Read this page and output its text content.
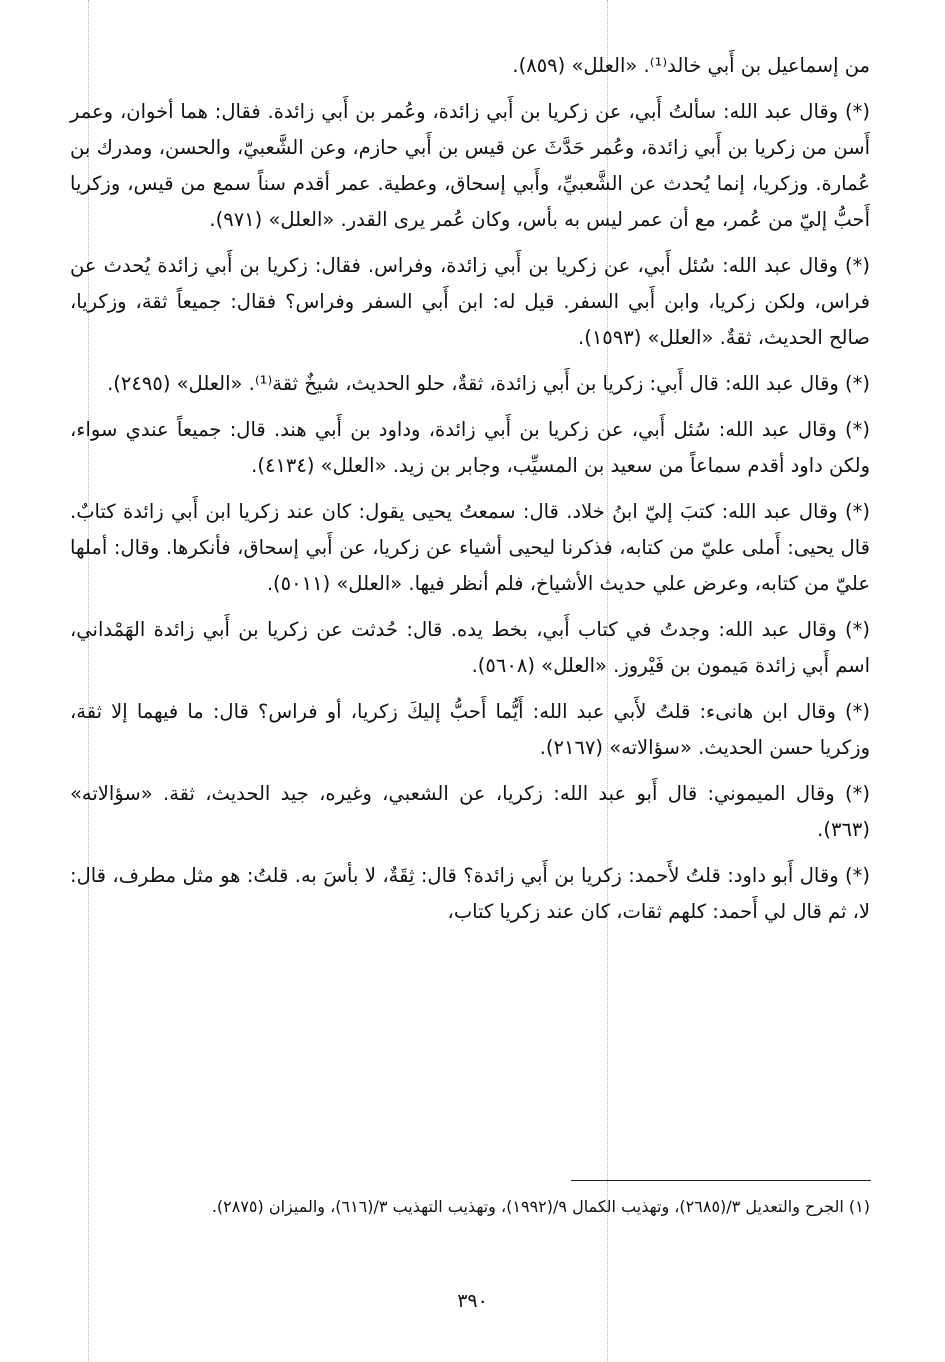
من إسماعيل بن أَبي خالد⁽¹⁾. «العلل» (٨٥٩).

(*) وقال عبد الله: سألتُ أَبي، عن زكريا بن أَبي زائدة، وعُمر بن أَبي زائدة. فقال: هما أخوان، وعمر أَسن من زكريا بن أَبي زائدة، وعُمر حَدَّثَ عن قيس بن أَبي حازم، وعن الشَّعبيّ، والحسن، ومدرك بن عُمارة. وزكريا، إنما يُحدث عن الشَّعبيِّ، وأَبي إسحاق، وعطية. عمر أقدم سناً سمع من قيس، وزكريا أَحبُّ إليّ من عُمر، مع أن عمر ليس به بأس، وكان عُمر يرى القدر. «العلل» (٩٧١).

(*) وقال عبد الله: سُئل أَبي، عن زكريا بن أَبي زائدة، وفراس. فقال: زكريا بن أَبي زائدة يُحدث عن فراس، ولكن زكريا، وابن أَبي السفر. قيل له: ابن أَبي السفر وفراس؟ فقال: جميعاً ثقة، وزكريا، صالح الحديث، ثقةٌ. «العلل» (١٥٩٣).

(*) وقال عبد الله: قال أَبي: زكريا بن أَبي زائدة، ثقةٌ، حلو الحديث، شيخٌ ثقة⁽¹⁾. «العلل» (٢٤٩٥).

(*) وقال عبد الله: سُئل أَبي، عن زكريا بن أَبي زائدة، وداود بن أَبي هند. قال: جميعاً عندي سواء، ولكن داود أقدم سماعاً من سعيد بن المسيِّب، وجابر بن زيد. «العلل» (٤١٣٤).

(*) وقال عبد الله: كتبَ إليّ ابنُ خلاد. قال: سمعتُ يحيى يقول: كان عند زكريا ابن أَبي زائدة كتابٌ. قال يحيى: أَملى عليّ من كتابه، فذكرنا ليحيى أشياء عن زكريا، عن أَبي إسحاق، فأنكرها. وقال: أملها عليّ من كتابه، وعرض علي حديث الأشياخ، فلم أنظر فيها. «العلل» (٥٠١١).

(*) وقال عبد الله: وجدتُ في كتاب أَبي، بخط يده. قال: حُدثت عن زكريا بن أَبي زائدة الهَمْداني، اسم أَبي زائدة مَيمون بن فَيْروز. «العلل» (٥٦٠٨).

(*) وقال ابن هانىء: قلتُ لأَبي عبد الله: أَيُّما أَحبُّ إليكَ زكريا، أو فراس؟ قال: ما فيهما إلا ثقة، وزكريا حسن الحديث. «سؤالاته» (٢١٦٧).

(*) وقال الميموني: قال أَبو عبد الله: زكريا، عن الشعبي، وغيره، جيد الحديث، ثقة. «سؤالاته» (٣٦٣).

(*) وقال أَبو داود: قلتُ لأَحمد: زكريا بن أَبي زائدة؟ قال: ثِقَةٌ، لا بأسَ به. قلتُ: هو مثل مطرف، قال: لا، ثم قال لي أَحمد: كلهم ثقات، كان عند زكريا كتاب،

(١) الجرح والتعديل ٣/(٢٦٨٥)، وتهذيب الكمال ٩/(١٩٩٢)، وتهذيب التهذيب ٣/(٦١٦)، والميزان (٢٨٧٥).
٣٩٠
